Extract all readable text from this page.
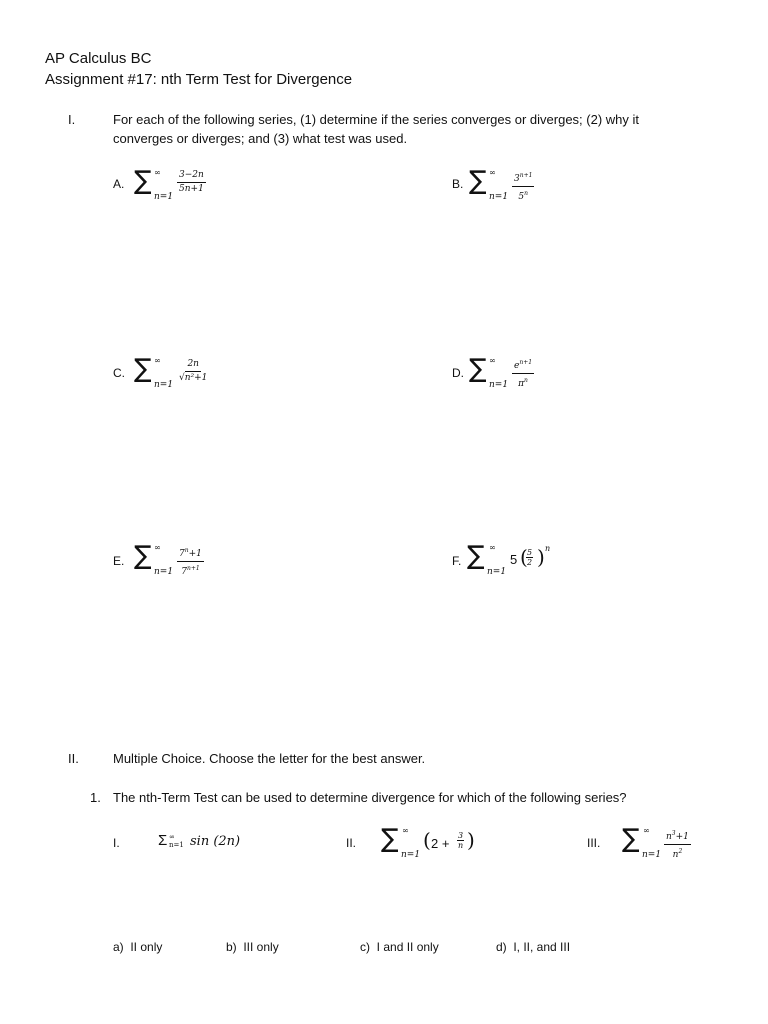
AP Calculus BC
Assignment #17: nth Term Test for Divergence
I.	For each of the following series, (1) determine if the series converges or diverges; (2) why it
converges or diverges; and (3) what test was used.
A. ∑ ∞
n=1
$\frac{3-2n}{5n+1}$	B. ∑ ∞
$n=1 \frac{3^{n+1}}{5^n}$
C. ∑ ∞
n=1
$\frac{2n}{\text{√n²+1}}$	D. ∑ ∞
$n=1 \frac{e^{n+1}}{\pi^n}$
E. ∑ ∞
$n=1 \frac{7^n+1}{7^{n+1}}$	F. ∑ ∞
n=1
5 (
$\frac{5}{2}$ ) n
II.	Multiple Choice. Choose the letter for the best answer.
1. The nth-Term Test can be used to determine divergence for which of the following series?
I.	Σ ∞ n=1 sin (2n)	II. ∑ ∞
n=1
( $2 + \frac{3}{n}$ )	III. ∑ ∞
$n=1 \frac{n^3+1}{n^2}$
a) II only	b) III only	c) I and II only	d) I, II, and III
